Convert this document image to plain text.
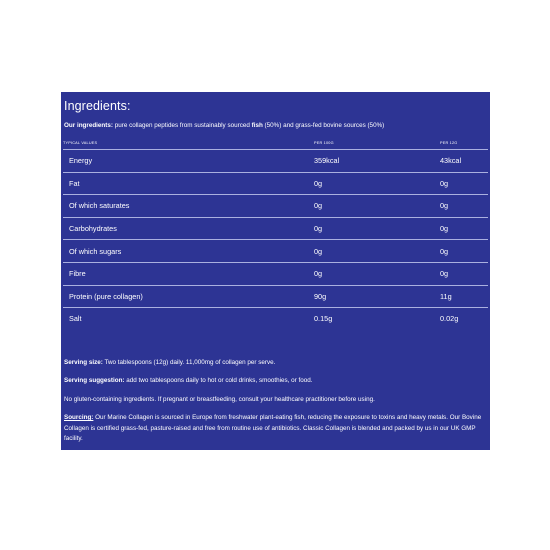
Ingredients:
Our ingredients: pure collagen peptides from sustainably sourced fish (50%) and grass-fed bovine sources (50%)
TYPICAL VALUES	PER 100G	PER 12G
Energy	359kcal	43kcal
Fat	0g	0g
Of which saturates	0g	0g
Carbohydrates	0g	0g
Of which sugars	0g	0g
Fibre	0g	0g
Protein (pure collagen)	90g	11g
Salt	0.15g	0.02g

Serving size: Two tablespoons (12g) daily. 11,000mg of collagen per serve.

Serving suggestion: add two tablespoons daily to hot or cold drinks, smoothies, or food.

No gluten-containing ingredients. If pregnant or breastfeeding, consult your healthcare practitioner before using.

Sourcing: Our Marine Collagen is sourced in Europe from freshwater plant-eating fish, reducing the exposure to toxins and heavy metals. Our Bovine Collagen is certified grass-fed, pasture-raised and free from routine use of antibiotics. Classic Collagen is blended and packed by us in our UK GMP facility.
